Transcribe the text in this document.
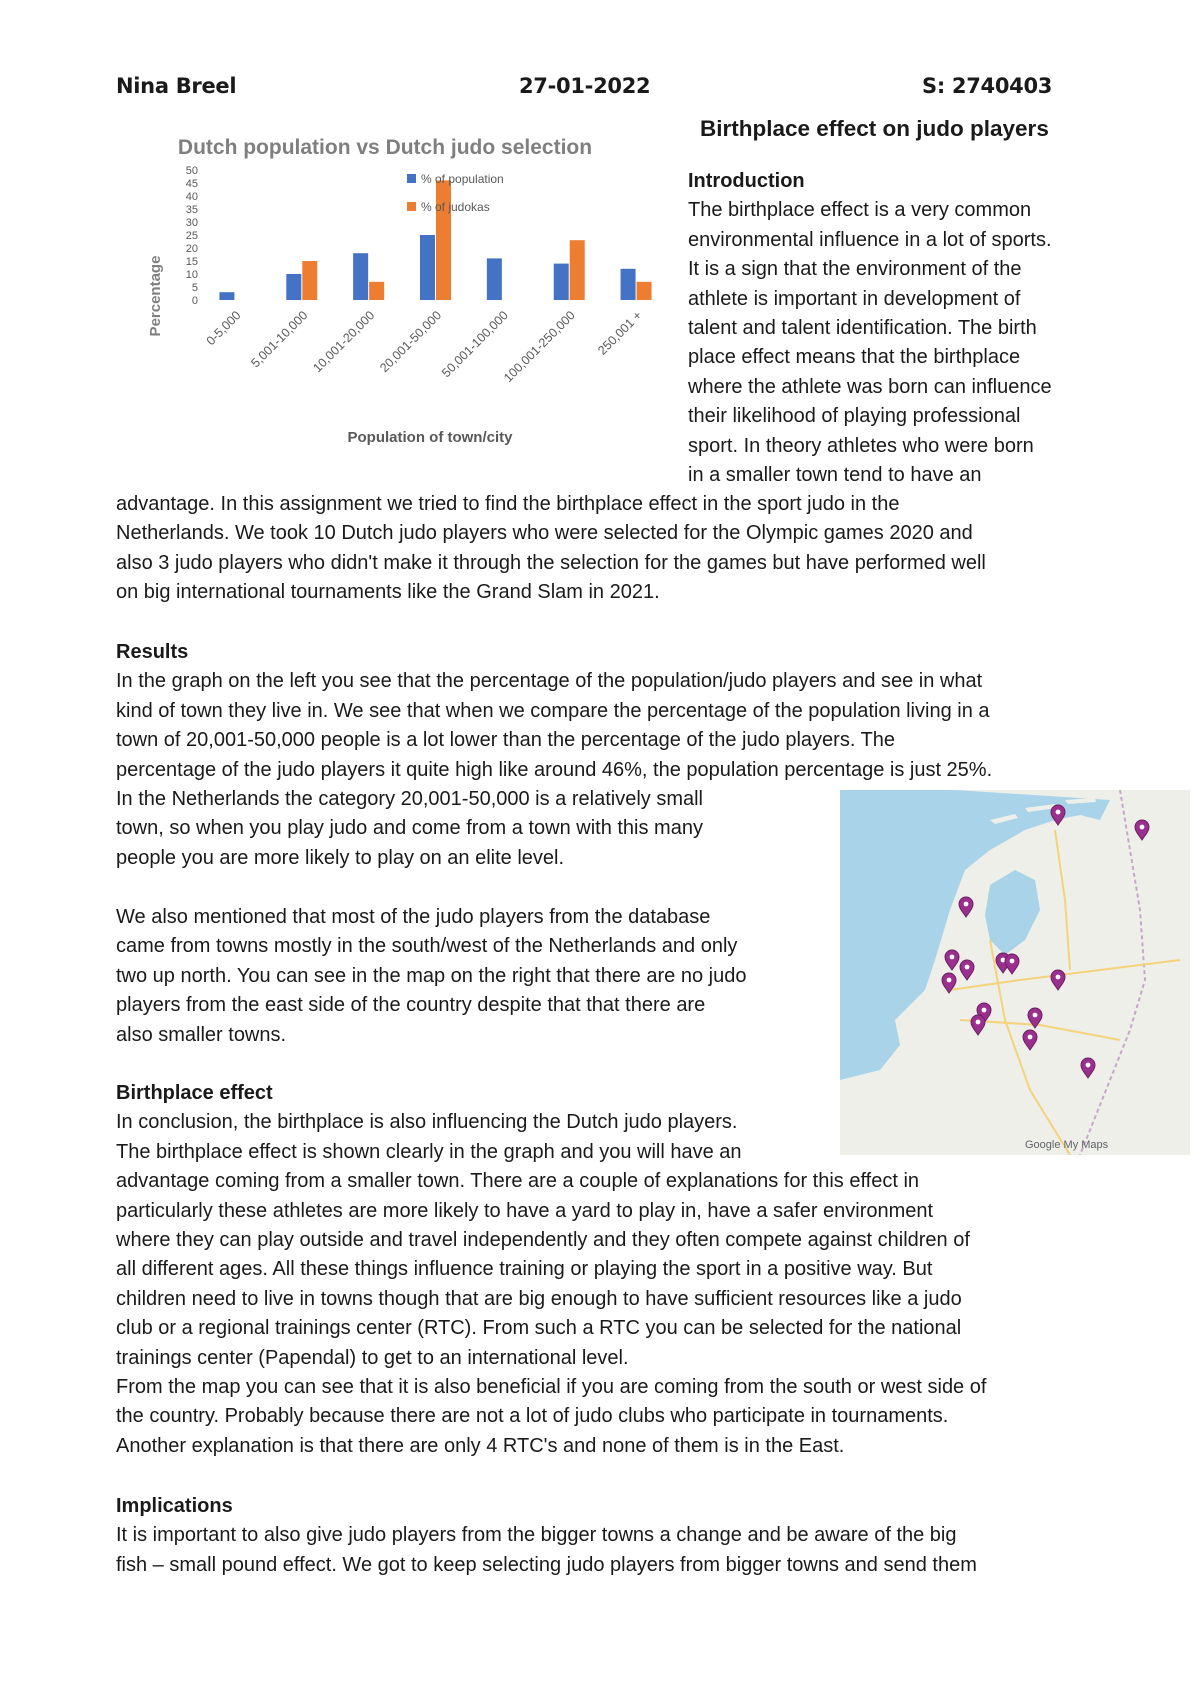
Nina Breel	27-01-2022	S: 2740403
Birthplace effect on judo players
Dutch population vs Dutch judo selection
Percentage
Population of town/city
0
5
10
15
20
25
30
35
40
45
50
0-5,000 5,001-10,000 10,001-20,000 20,001-50,000
50,001-100,000
100,001-250,000 250,001 +
% of population
% of judokas
Introduction
The birthplace effect is a very common
environmental influence in a lot of sports.
It is a sign that the environment of the
athlete is important in development of
talent and talent identification. The birth
place effect means that the birthplace
where the athlete was born can influence
their likelihood of playing professional
sport. In theory athletes who were born
in a smaller town tend to have an
advantage. In this assignment we tried to find the birthplace effect in the sport judo in the
Netherlands. We took 10 Dutch judo players who were selected for the Olympic games 2020 and
also 3 judo players who didn't make it through the selection for the games but have performed well
on big international tournaments like the Grand Slam in 2021.
Results
In the graph on the left you see that the percentage of the population/judo players and see in what
kind of town they live in. We see that when we compare the percentage of the population living in a
town of 20,001-50,000 people is a lot lower than the percentage of the judo players. The
percentage of the judo players it quite high like around 46%, the population percentage is just 25%.
In the Netherlands the category 20,001-50,000 is a relatively small
town, so when you play judo and come from a town with this many
people you are more likely to play on an elite level.
We also mentioned that most of the judo players from the database
came from towns mostly in the south/west of the Netherlands and only
two up north. You can see in the map on the right that there are no judo
players from the east side of the country despite that that there are
also smaller towns.
Birthplace effect
In conclusion, the birthplace is also influencing the Dutch judo players.
The birthplace effect is shown clearly in the graph and you will have an
advantage coming from a smaller town. There are a couple of explanations for this effect in
particularly these athletes are more likely to have a yard to play in, have a safer environment
where they can play outside and travel independently and they often compete against children of
all different ages. All these things influence training or playing the sport in a positive way. But
children need to live in towns though that are big enough to have sufficient resources like a judo
club or a regional trainings center (RTC). From such a RTC you can be selected for the national
trainings center (Papendal) to get to an international level.
From the map you can see that it is also beneficial if you are coming from the south or west side of
the country. Probably because there are not a lot of judo clubs who participate in tournaments.
Another explanation is that there are only 4 RTC's and none of them is in the East.
Implications
It is important to also give judo players from the bigger towns a change and be aware of the big
fish – small pound effect. We got to keep selecting judo players from bigger towns and send them
Google My Maps
